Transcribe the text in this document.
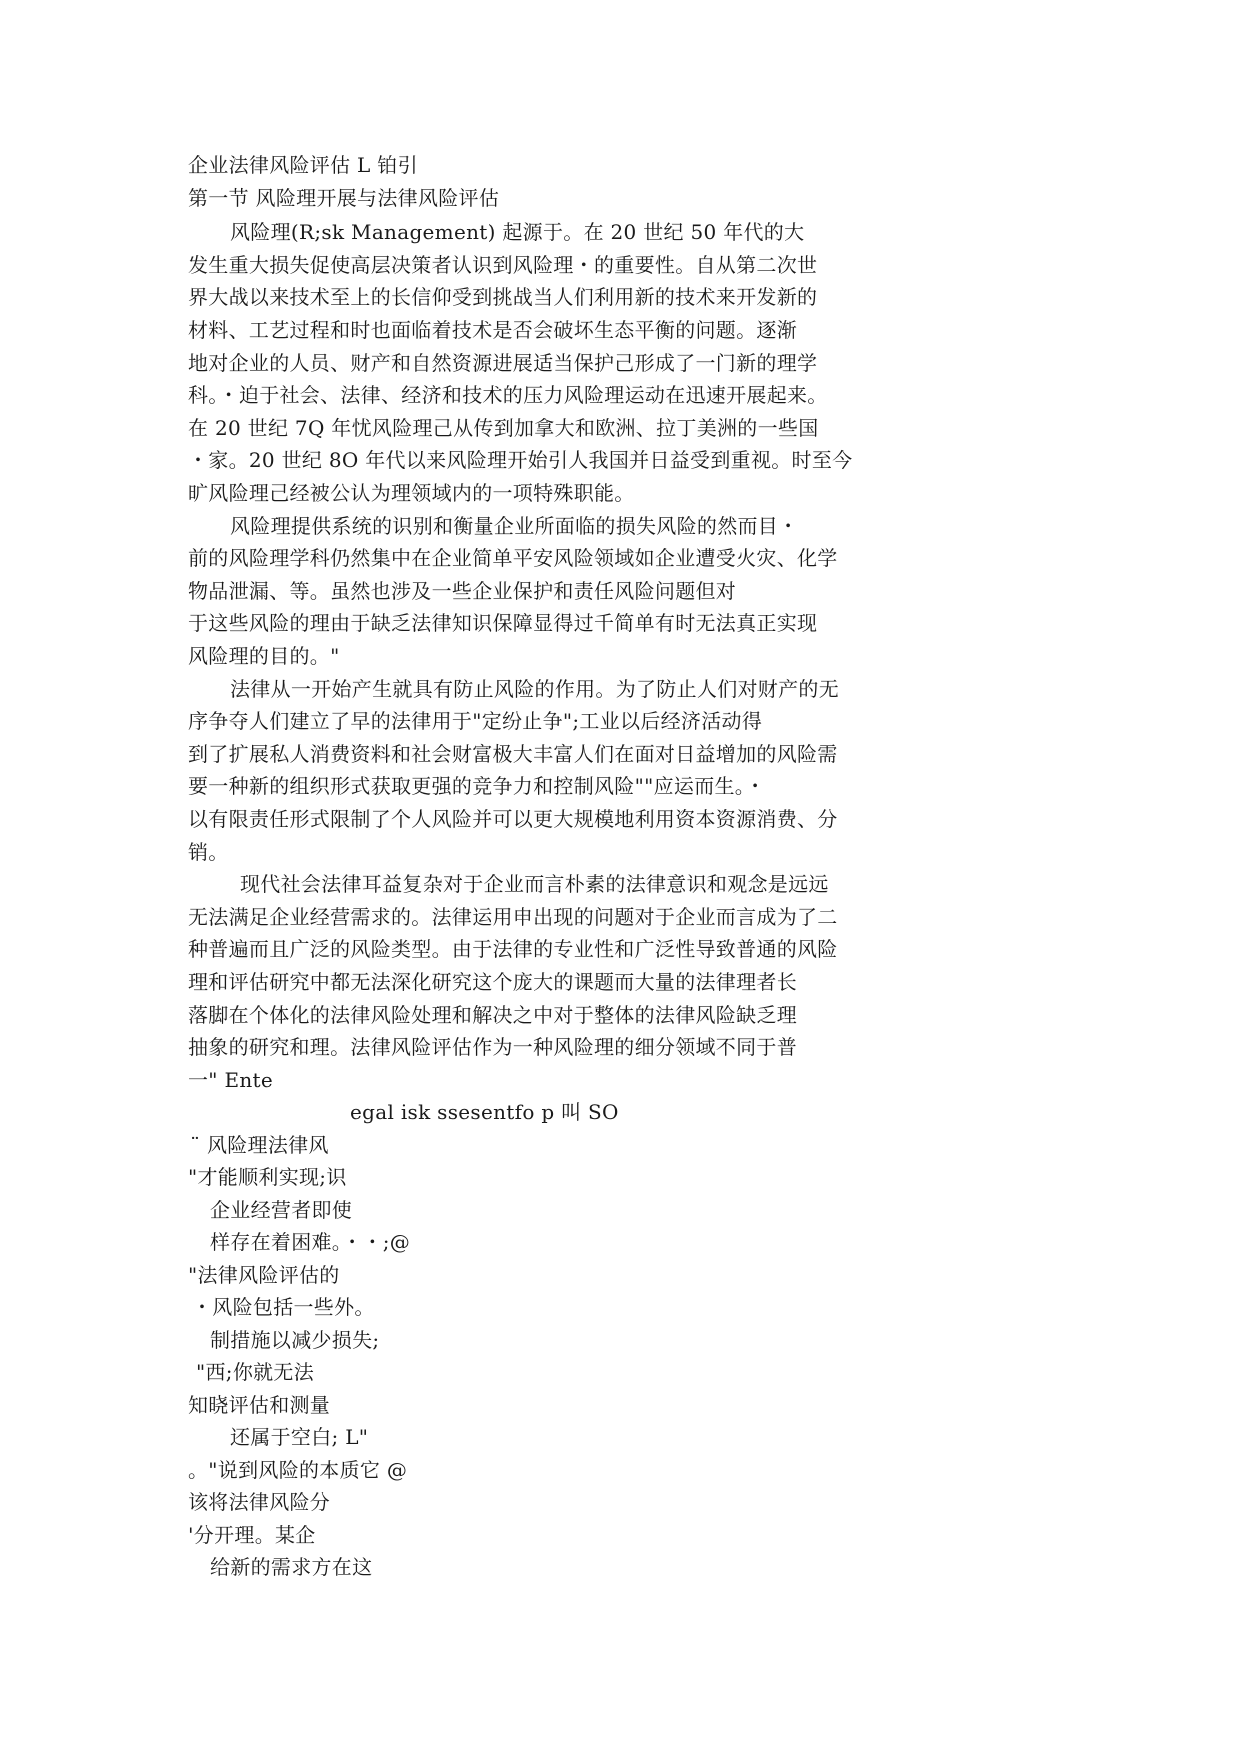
企业法律风险评估 L 铂引
第一节 风险理开展与法律风险评估
风险理(R;sk Management) 起源于。在 20 世纪 50 年代的大
发生重大损失促使高层决策者认识到风险理・的重要性。自从第二次世
界大战以来技术至上的长信仰受到挑战当人们利用新的技术来开发新的
材料、工艺过程和时也面临着技术是否会破坏生态平衡的问题。逐渐
地对企业的人员、财产和自然资源进展适当保护己形成了一门新的理学
科。・迫于社会、法律、经济和技术的压力风险理运动在迅速开展起来。
在 20 世纪 7Q 年忧风险理己从传到加拿大和欧洲、拉丁美洲的一些国
・家。20 世纪 8O 年代以来风险理开始引人我国并日益受到重视。时至今
旷风险理己经被公认为理领域内的一项特殊职能。
风险理提供系统的识别和衡量企业所面临的损失风险的然而目・
前的风险理学科仍然集中在企业简单平安风险领域如企业遭受火灾、化学
物品泄漏、等。虽然也涉及一些企业保护和责任风险问题但对
于这些风险的理由于缺乏法律知识保障显得过千简单有时无法真正实现
风险理的目的。"
法律从一开始产生就具有防止风险的作用。为了防止人们对财产的无
序争夺人们建立了早的法律用于"定纷止争";工业以后经济活动得
到了扩展私人消费资料和社会财富极大丰富人们在面对日益增加的风险需
要一种新的组织形式获取更强的竞争力和控制风险""应运而生。・
以有限责任形式限制了个人风险并可以更大规模地利用资本资源消费、分
销。
现代社会法律耳益复杂对于企业而言朴素的法律意识和观念是远远
无法满足企业经营需求的。法律运用申出现的问题对于企业而言成为了二
种普遍而且广泛的风险类型。由于法律的专业性和广泛性导致普通的风险
理和评估研究中都无法深化研究这个庞大的课题而大量的法律理者长
落脚在个体化的法律风险处理和解决之中对于整体的法律风险缺乏理
抽象的研究和理。法律风险评估作为一种风险理的细分领域不同于普
一" Ente
egal isk ssesentfo p 叫 SO
¨ 风险理法律风
"才能顺利实现;识
企业经营者即使
样存在着困难。・・;@
"法律风险评估的
・风险包括一些外。
制措施以减少损失;
"西;你就无法
知晓评估和测量
还属于空白; L"
。"说到风险的本质它 @
该将法律风险分
'分开理。某企
给新的需求方在这
